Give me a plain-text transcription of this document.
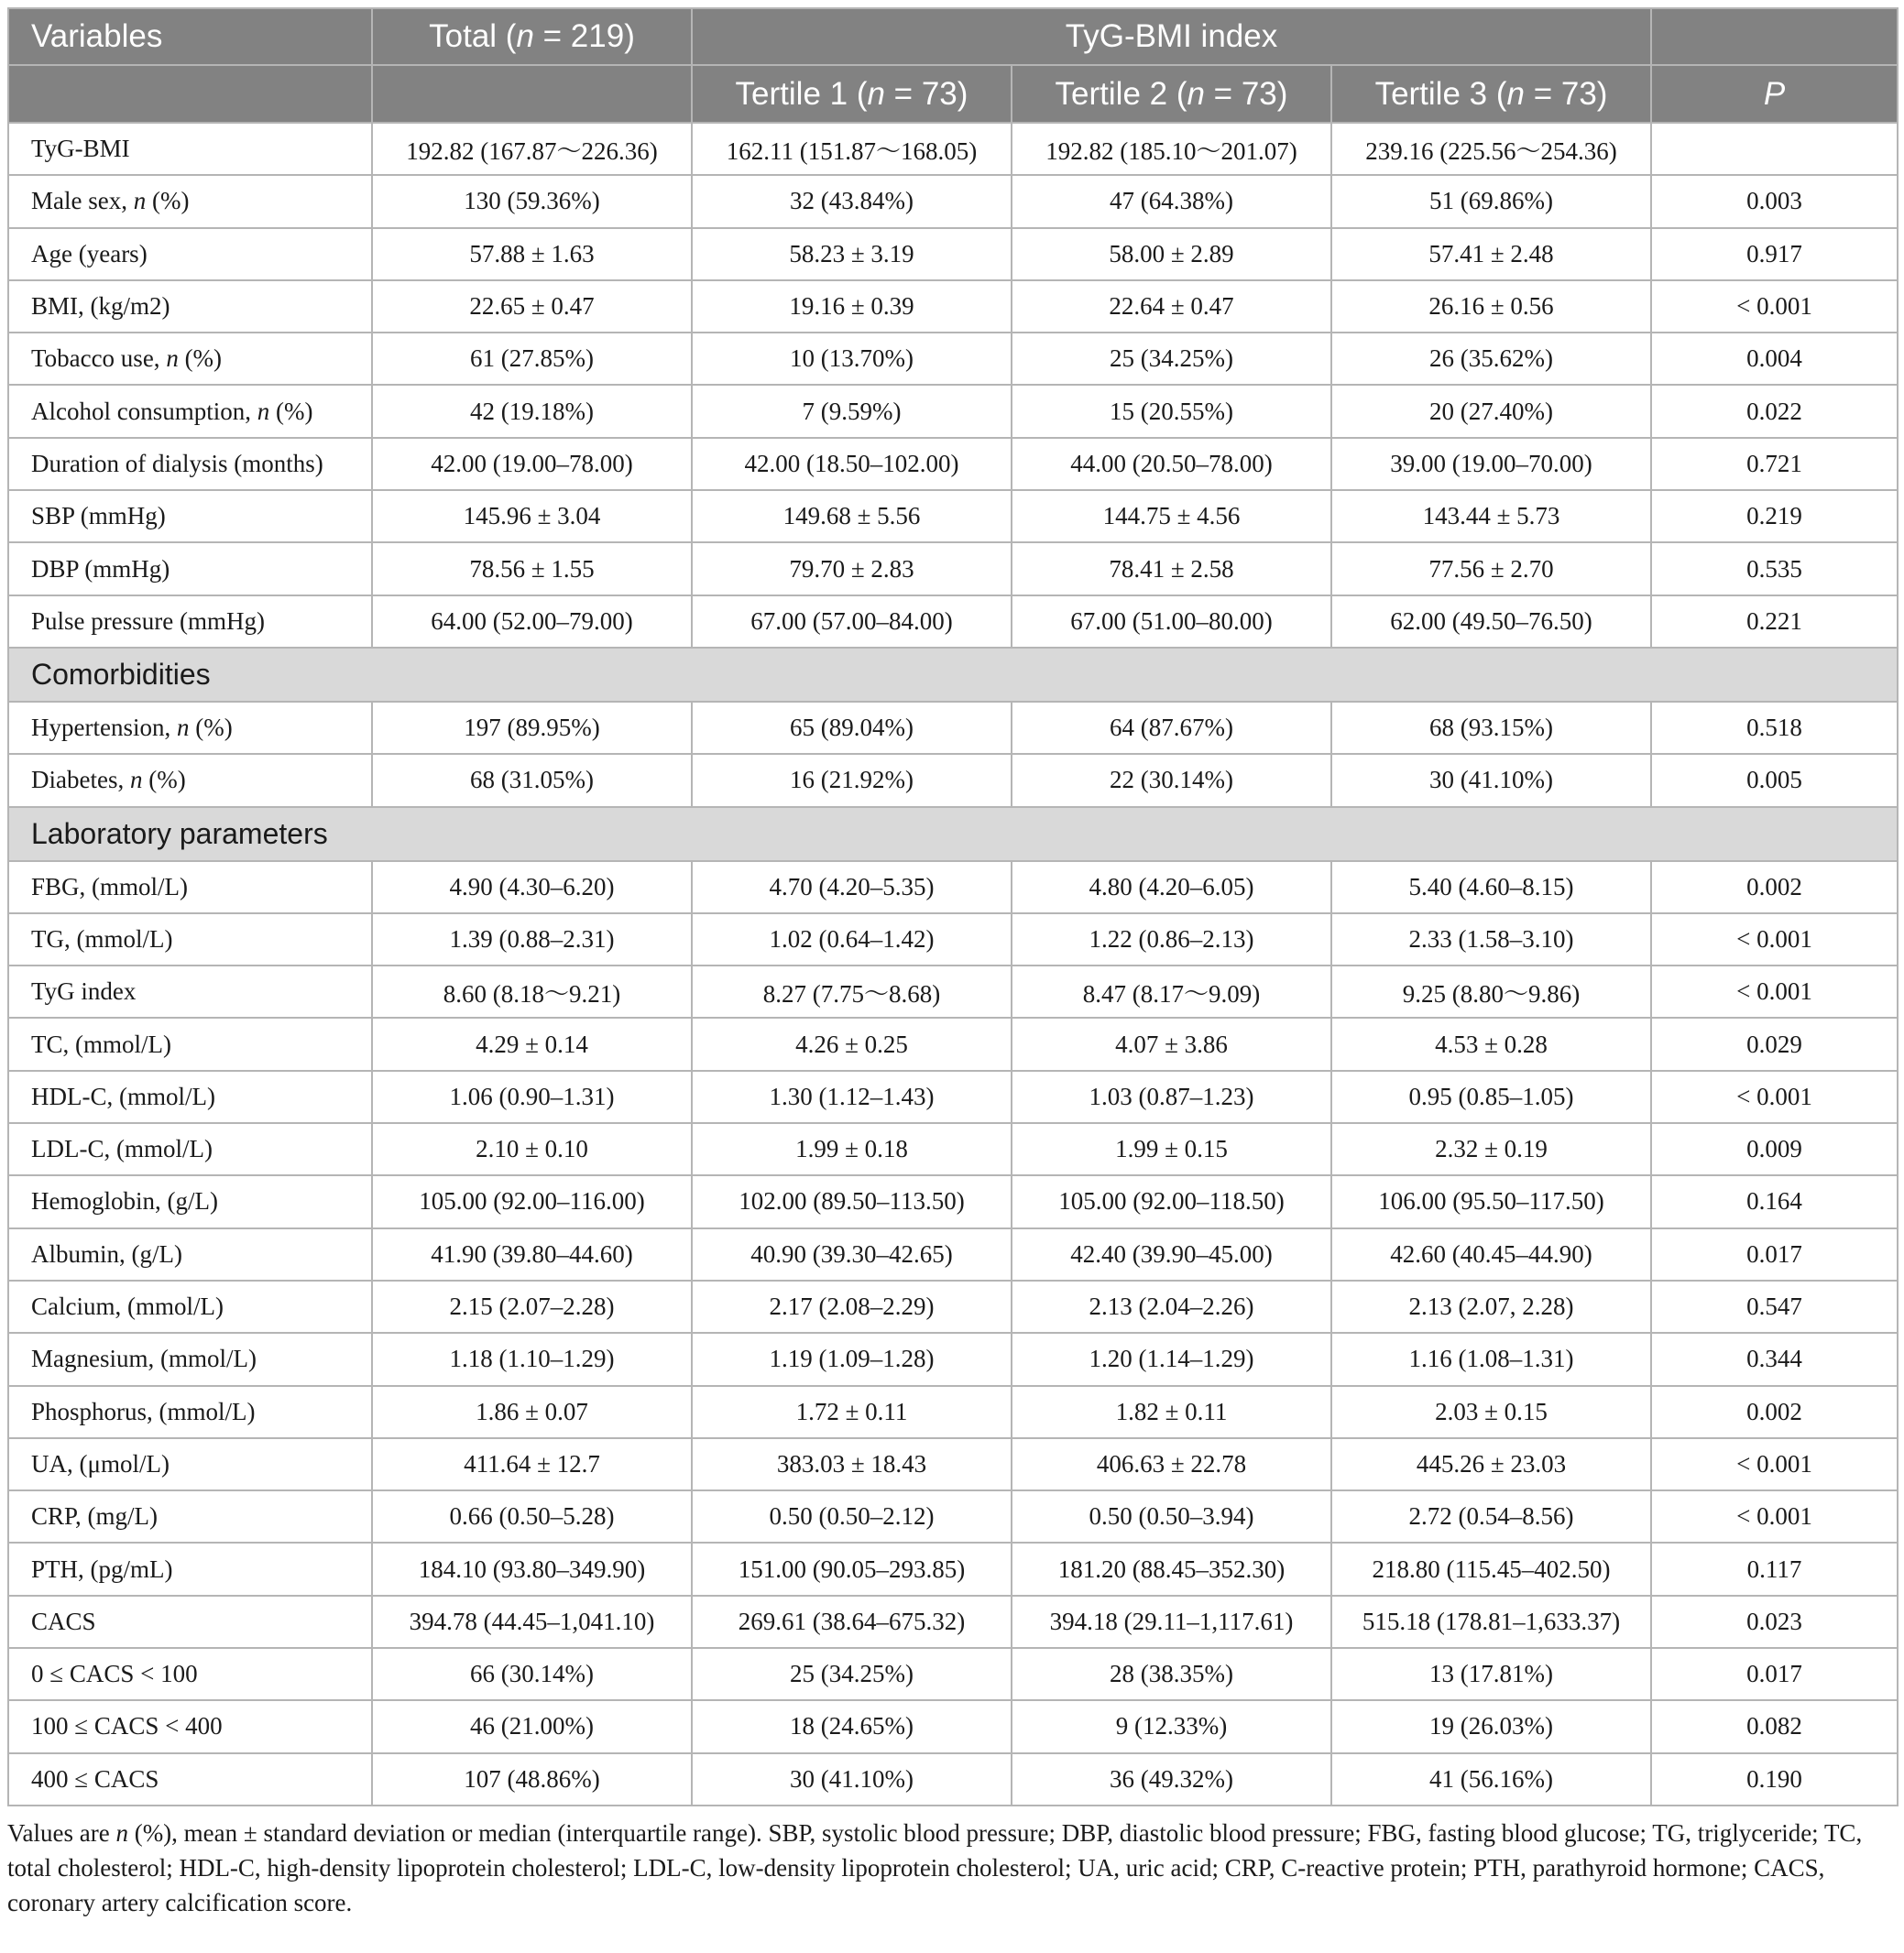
Variables	Total (n = 219)	TyG-BMI index			
		Tertile 1 (n = 73)	Tertile 2 (n = 73)	Tertile 3 (n = 73)	P
TyG-BMI	192.82 (167.87～226.36)	162.11 (151.87～168.05)	192.82 (185.10～201.07)	239.16 (225.56～254.36)	
Male sex, n (%)	130 (59.36%)	32 (43.84%)	47 (64.38%)	51 (69.86%)	0.003
Age (years)	57.88 ± 1.63	58.23 ± 3.19	58.00 ± 2.89	57.41 ± 2.48	0.917
BMI, (kg/m2)	22.65 ± 0.47	19.16 ± 0.39	22.64 ± 0.47	26.16 ± 0.56	< 0.001
Tobacco use, n (%)	61 (27.85%)	10 (13.70%)	25 (34.25%)	26 (35.62%)	0.004
Alcohol consumption, n (%)	42 (19.18%)	7 (9.59%)	15 (20.55%)	20 (27.40%)	0.022
Duration of dialysis (months)	42.00 (19.00–78.00)	42.00 (18.50–102.00)	44.00 (20.50–78.00)	39.00 (19.00–70.00)	0.721
SBP (mmHg)	145.96 ± 3.04	149.68 ± 5.56	144.75 ± 4.56	143.44 ± 5.73	0.219
DBP (mmHg)	78.56 ± 1.55	79.70 ± 2.83	78.41 ± 2.58	77.56 ± 2.70	0.535
Pulse pressure (mmHg)	64.00 (52.00–79.00)	67.00 (57.00–84.00)	67.00 (51.00–80.00)	62.00 (49.50–76.50)	0.221
Comorbidities					
Hypertension, n (%)	197 (89.95%)	65 (89.04%)	64 (87.67%)	68 (93.15%)	0.518
Diabetes, n (%)	68 (31.05%)	16 (21.92%)	22 (30.14%)	30 (41.10%)	0.005
Laboratory parameters					
FBG, (mmol/L)	4.90 (4.30–6.20)	4.70 (4.20–5.35)	4.80 (4.20–6.05)	5.40 (4.60–8.15)	0.002
TG, (mmol/L)	1.39 (0.88–2.31)	1.02 (0.64–1.42)	1.22 (0.86–2.13)	2.33 (1.58–3.10)	< 0.001
TyG index	8.60 (8.18～9.21)	8.27 (7.75～8.68)	8.47 (8.17～9.09)	9.25 (8.80～9.86)	< 0.001
TC, (mmol/L)	4.29 ± 0.14	4.26 ± 0.25	4.07 ± 3.86	4.53 ± 0.28	0.029
HDL-C, (mmol/L)	1.06 (0.90–1.31)	1.30 (1.12–1.43)	1.03 (0.87–1.23)	0.95 (0.85–1.05)	< 0.001
LDL-C, (mmol/L)	2.10 ± 0.10	1.99 ± 0.18	1.99 ± 0.15	2.32 ± 0.19	0.009
Hemoglobin, (g/L)	105.00 (92.00–116.00)	102.00 (89.50–113.50)	105.00 (92.00–118.50)	106.00 (95.50–117.50)	0.164
Albumin, (g/L)	41.90 (39.80–44.60)	40.90 (39.30–42.65)	42.40 (39.90–45.00)	42.60 (40.45–44.90)	0.017
Calcium, (mmol/L)	2.15 (2.07–2.28)	2.17 (2.08–2.29)	2.13 (2.04–2.26)	2.13 (2.07, 2.28)	0.547
Magnesium, (mmol/L)	1.18 (1.10–1.29)	1.19 (1.09–1.28)	1.20 (1.14–1.29)	1.16 (1.08–1.31)	0.344
Phosphorus, (mmol/L)	1.86 ± 0.07	1.72 ± 0.11	1.82 ± 0.11	2.03 ± 0.15	0.002
UA, (μmol/L)	411.64 ± 12.7	383.03 ± 18.43	406.63 ± 22.78	445.26 ± 23.03	< 0.001
CRP, (mg/L)	0.66 (0.50–5.28)	0.50 (0.50–2.12)	0.50 (0.50–3.94)	2.72 (0.54–8.56)	< 0.001
PTH, (pg/mL)	184.10 (93.80–349.90)	151.00 (90.05–293.85)	181.20 (88.45–352.30)	218.80 (115.45–402.50)	0.117
CACS	394.78 (44.45–1,041.10)	269.61 (38.64–675.32)	394.18 (29.11–1,117.61)	515.18 (178.81–1,633.37)	0.023
0 ≤ CACS < 100	66 (30.14%)	25 (34.25%)	28 (38.35%)	13 (17.81%)	0.017
100 ≤ CACS < 400	46 (21.00%)	18 (24.65%)	9 (12.33%)	19 (26.03%)	0.082
400 ≤ CACS	107 (48.86%)	30 (41.10%)	36 (49.32%)	41 (56.16%)	0.190
Values are n (%), mean ± standard deviation or median (interquartile range). SBP, systolic blood pressure; DBP, diastolic blood pressure; FBG, fasting blood glucose; TG, triglyceride; TC, total cholesterol; HDL-C, high-density lipoprotein cholesterol; LDL-C, low-density lipoprotein cholesterol; UA, uric acid; CRP, C-reactive protein; PTH, parathyroid hormone; CACS, coronary artery calcification score.
